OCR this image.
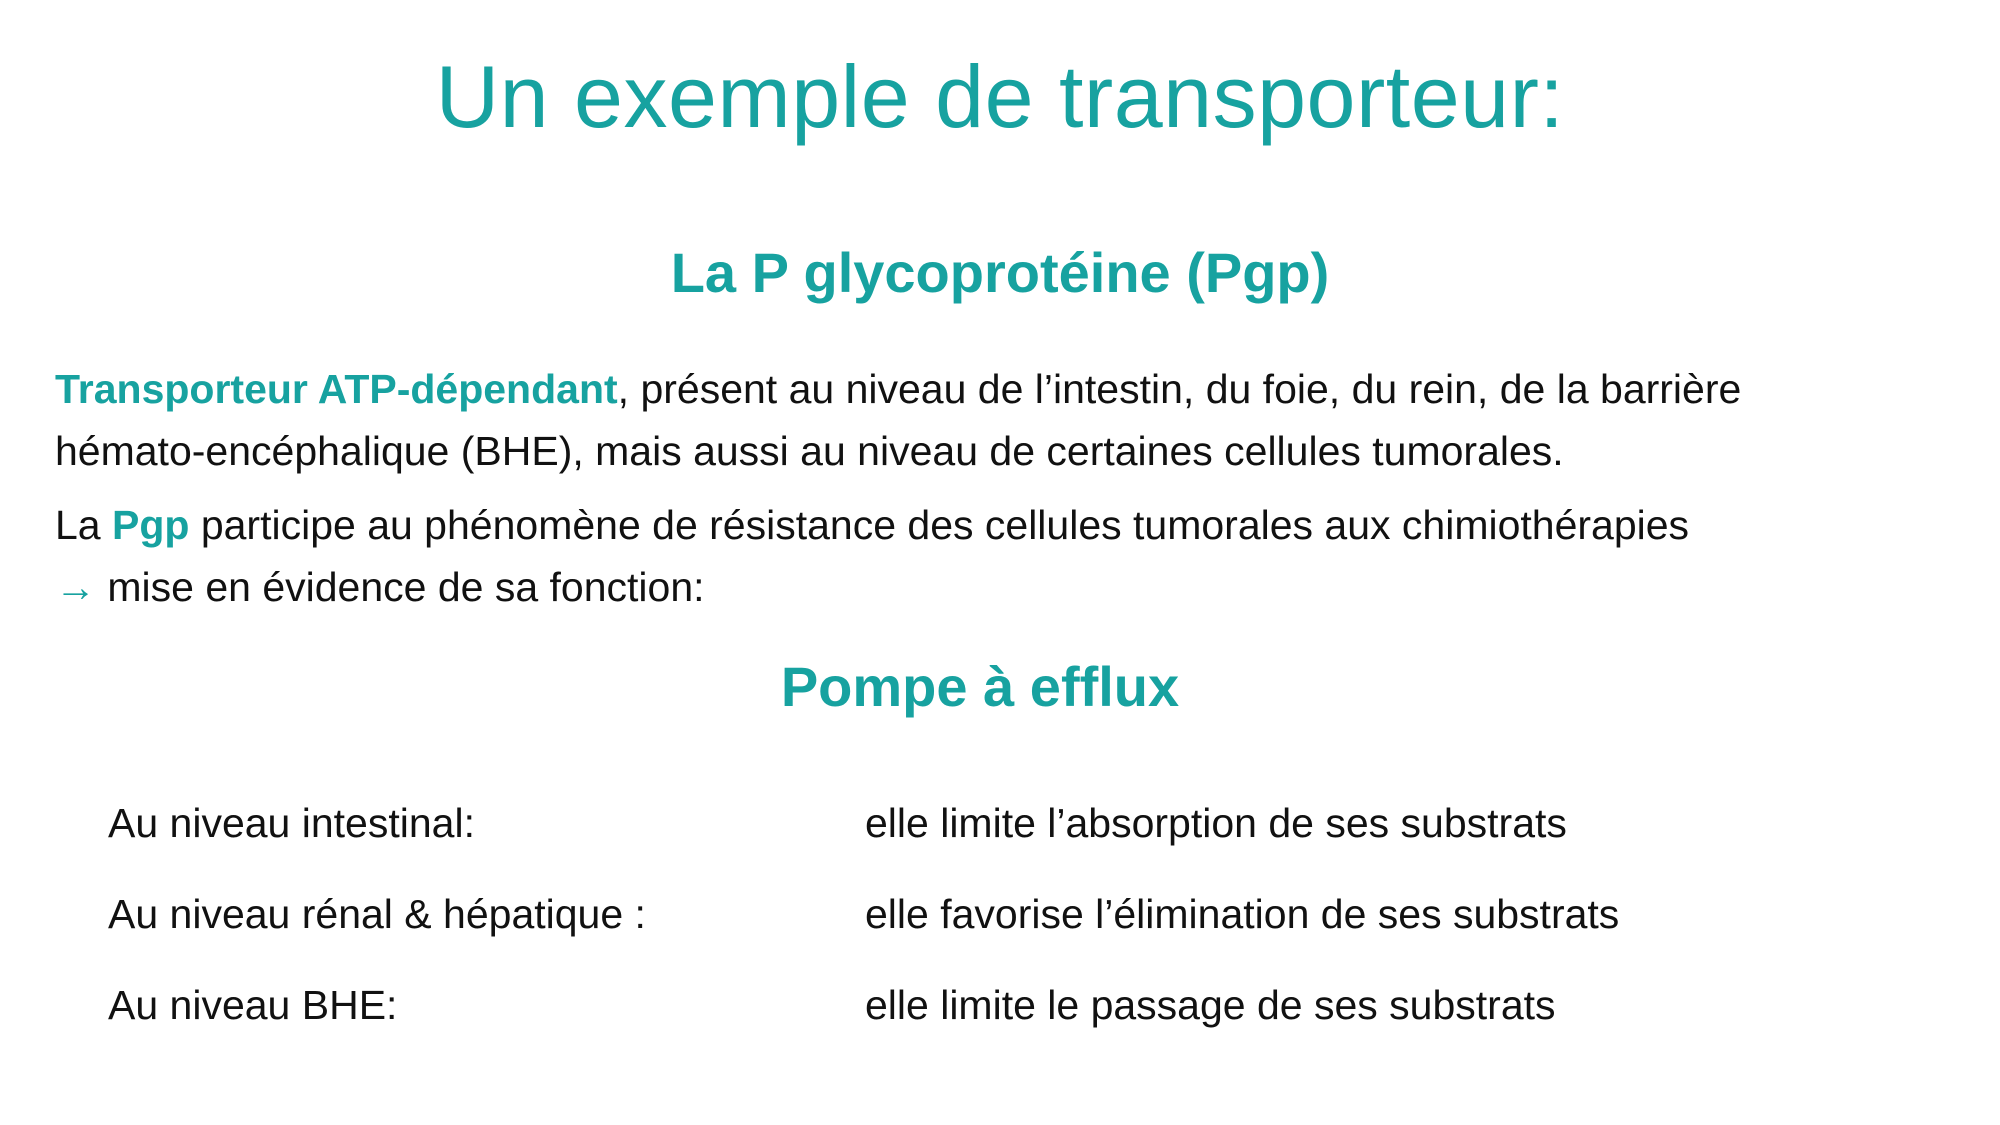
Un exemple de transporteur:
La P glycoprotéine (Pgp)
Transporteur ATP-dépendant, présent au niveau de l’intestin, du foie, du rein, de la barrière
hémato-encéphalique (BHE), mais aussi au niveau de certaines cellules tumorales.
La Pgp participe au phénomène de résistance des cellules tumorales aux chimiothérapies
→ mise en évidence de sa fonction:
Pompe à efflux
Au niveau intestinal:	elle limite l’absorption de ses substrats
Au niveau rénal & hépatique :	elle favorise l’élimination de ses substrats
Au niveau BHE:	elle limite le passage de ses substrats
